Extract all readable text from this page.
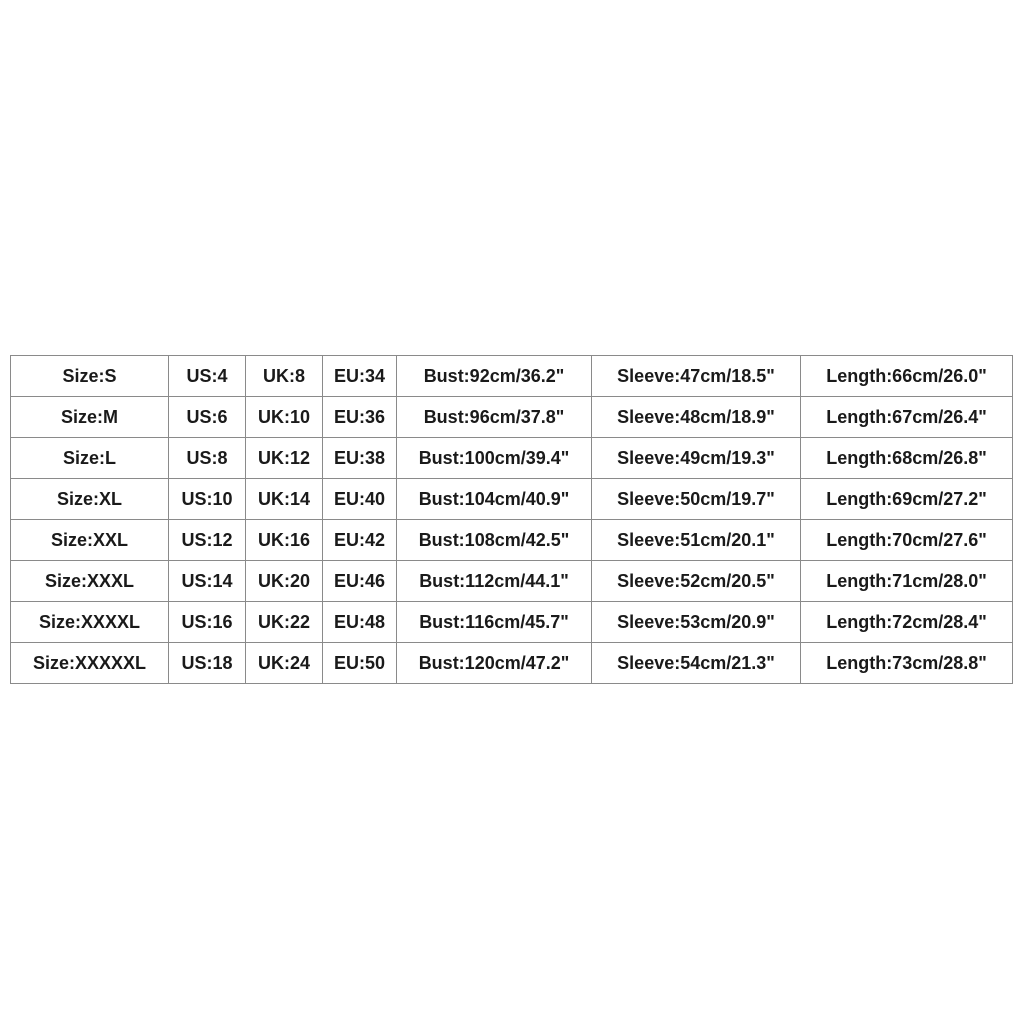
Size:S	US:4	UK:8	EU:34	Bust:92cm/36.2"	Sleeve:47cm/18.5"	Length:66cm/26.0"
Size:M	US:6	UK:10	EU:36	Bust:96cm/37.8"	Sleeve:48cm/18.9"	Length:67cm/26.4"
Size:L	US:8	UK:12	EU:38	Bust:100cm/39.4"	Sleeve:49cm/19.3"	Length:68cm/26.8"
Size:XL	US:10	UK:14	EU:40	Bust:104cm/40.9"	Sleeve:50cm/19.7"	Length:69cm/27.2"
Size:XXL	US:12	UK:16	EU:42	Bust:108cm/42.5"	Sleeve:51cm/20.1"	Length:70cm/27.6"
Size:XXXL	US:14	UK:20	EU:46	Bust:112cm/44.1"	Sleeve:52cm/20.5"	Length:71cm/28.0"
Size:XXXXL	US:16	UK:22	EU:48	Bust:116cm/45.7"	Sleeve:53cm/20.9"	Length:72cm/28.4"
Size:XXXXXL	US:18	UK:24	EU:50	Bust:120cm/47.2"	Sleeve:54cm/21.3"	Length:73cm/28.8"
